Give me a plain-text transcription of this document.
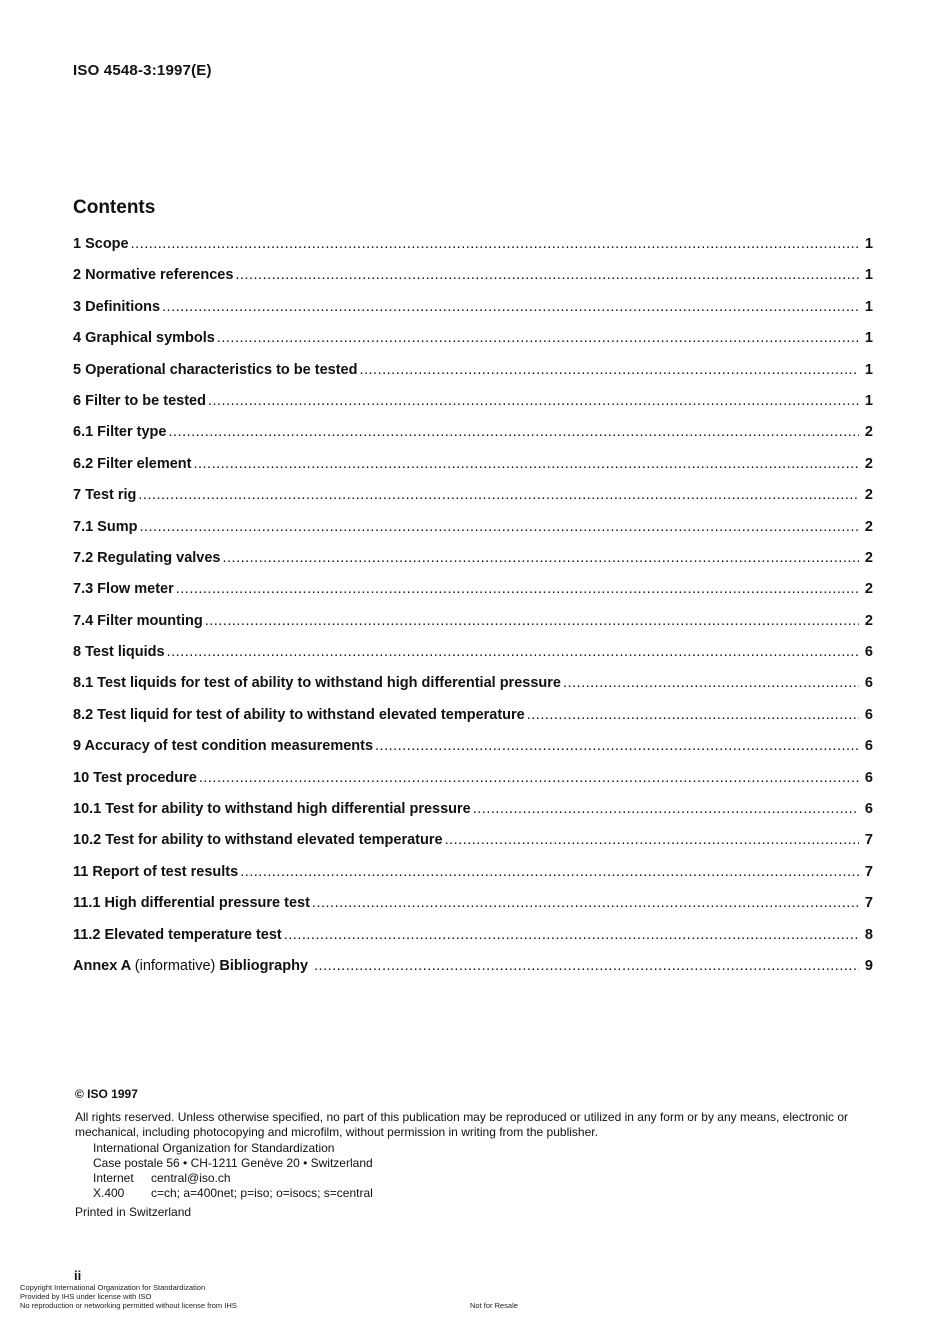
ISO 4548-3:1997(E)
Contents
1 Scope .....	1
2 Normative references .....	1
3 Definitions .....	1
4 Graphical symbols .....	1
5 Operational characteristics to be tested .....	1
6 Filter to be tested .....	1
6.1 Filter type .....	2
6.2 Filter element .....	2
7 Test rig .....	2
7.1 Sump .....	2
7.2 Regulating valves .....	2
7.3 Flow meter .....	2
7.4 Filter mounting .....	2
8 Test liquids .....	6
8.1 Test liquids for test of ability to withstand high differential pressure .....	6
8.2 Test liquid for test of ability to withstand elevated temperature .....	6
9 Accuracy of test condition measurements .....	6
10 Test procedure .....	6
10.1 Test for ability to withstand high differential pressure .....	6
10.2 Test for ability to withstand elevated temperature .....	7
11 Report of test results .....	7
11.1 High differential pressure test .....	7
11.2 Elevated temperature test .....	8
Annex A (informative) Bibliography .....	9
© ISO 1997
All rights reserved. Unless otherwise specified, no part of this publication may be reproduced or utilized in any form or by any means, electronic or mechanical, including photocopying and microfilm, without permission in writing from the publisher.
International Organization for Standardization
Case postale 56 • CH-1211 Genève 20 • Switzerland
Internet	central@iso.ch
X.400	c=ch; a=400net; p=iso; o=isocs; s=central
Printed in Switzerland
ii
Copyright International Organization for Standardization
Provided by IHS under license with ISO
No reproduction or networking permitted without license from IHS	Not for Resale
